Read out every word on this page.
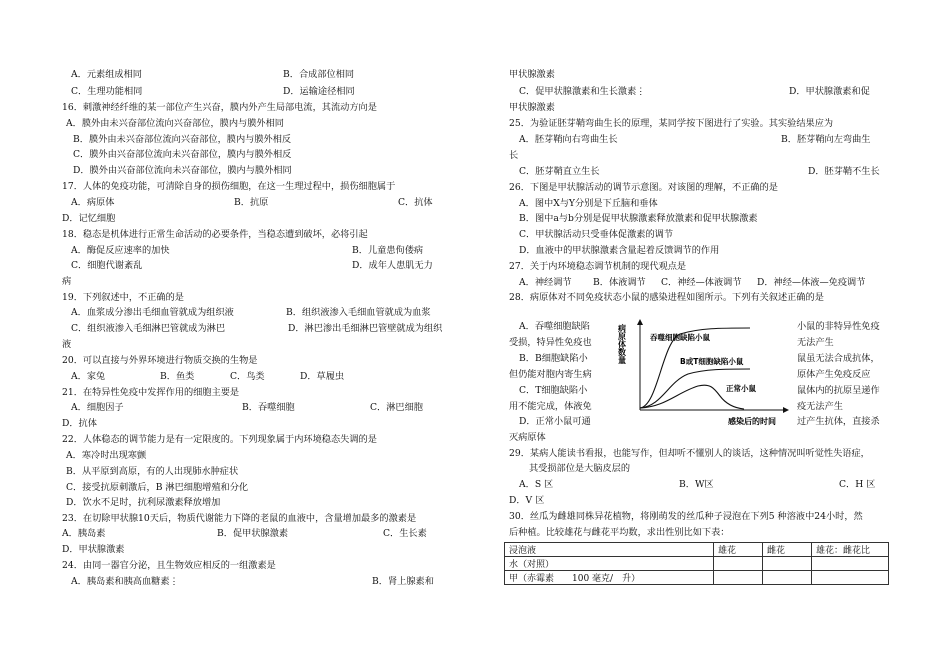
A．元素组成相同	B．合成部位相同
C．生理功能相同	D．运输途径相同
16．刺激神经纤维的某一部位产生兴奋，膜内外产生局部电流，其流动方向是
A．膜外由未兴奋部位流向兴奋部位，膜内与膜外相同
B．膜外由未兴奋部位流向兴奋部位，膜内与膜外相反
C．膜外由兴奋部位流向未兴奋部位，膜内与膜外相反
D．膜外由兴奋部位流向未兴奋部位，膜内与膜外相同
17．人体的免疫功能，可清除自身的损伤细胞，在这一生理过程中，损伤细胞属于
A．病原体	B．抗原	C．抗体
D．记忆细胞
18．稳态是机体进行正常生命活动的必要条件，当稳态遭到破坏，必将引起
A．酶促反应速率的加快	B．儿童患佝偻病
C．细胞代谢紊乱	D．成年人患肌无力
病
19．下列叙述中，不正确的是
A．血浆成分渗出毛细血管就成为组织液	B．组织液渗入毛细血管就成为血浆
C．组织液渗入毛细淋巴管就成为淋巴	D．淋巴渗出毛细淋巴管壁就成为组织
液
20．可以直接与外界环境进行物质交换的生物是
A．家兔	B．鱼类	C．鸟类	D．草履虫
21．在特异性免疫中发挥作用的细胞主要是
A．细胞因子	B．吞噬细胞	C．淋巴细胞
D．抗体
22．人体稳态的调节能力是有一定限度的。下列现象属于内环境稳态失调的是
A．寒冷时出现寒颤
B．从平原到高原，有的人出现肺水肿症状
C．接受抗原刺激后，B 淋巴细胞增殖和分化
D．饮水不足时，抗利尿激素释放增加
23．在切除甲状腺10天后，物质代谢能力下降的老鼠的血液中，含量增加最多的激素是
A．胰岛素	B．促甲状腺激素	C．生长素
D．甲状腺激素
24．由同一器官分泌，且生物效应相反的一组激素是
A．胰岛素和胰高血糖素⋮	B．肾上腺素和
甲状腺激素
C．促甲状腺激素和生长激素⋮	D．甲状腺激素和促
甲状腺激素
25．为验证胚芽鞘弯曲生长的原理，某同学按下图进行了实验。其实验结果应为
A．胚芽鞘向右弯曲生长	B．胚芽鞘向左弯曲生
长
C．胚芽鞘直立生长	D．胚芽鞘不生长
26．下图是甲状腺活动的调节示意图。对该图的理解，不正确的是
A．图中X与Y分别是下丘脑和垂体
B．图中a与b分别是促甲状腺激素释放激素和促甲状腺激素
C．甲状腺活动只受垂体促激素的调节
D．血液中的甲状腺激素含量起着反馈调节的作用
27．关于内环境稳态调节机制的现代观点是
A．神经调节 B．体液调节 C．神经—体液调节 D．神经—体液—免疫调节
28．病原体对不同免疫状态小鼠的感染进程如图所示。下列有关叙述正确的是
A．吞噬细胞缺陷
受损，特异性免疫也
B．B细胞缺陷小
但仍能对胞内寄生病
C．T细胞缺陷小
用不能完成，体液免
D．正常小鼠可通
灭病原体
小鼠的非特异性免疫
无法产生
鼠虽无法合成抗体，
原体产生免疫反应
鼠体内的抗原呈递作
疫无法产生
过产生抗体，直接杀
29．某病人能读书看报，也能写作，但却听不懂别人的谈话，这种情况叫听觉性失语症，
其受损部位是大脑皮层的
A．S 区	B．W区	C．H 区
D．V 区
30．丝瓜为雌雄同株异花植物，将刚萌发的丝瓜种子浸泡在下列5 种溶液中24小时，然
后种植。比较雄花与雌花平均数，求出性别比如下表：
病原体数量
感染后的时间
吞噬细胞缺陷小鼠
B或T细胞缺陷小鼠
正常小鼠
浸泡液	雄花	雌花	雄花：雌花比
水（对照）			
甲（赤霉素　　100 毫克/　升）			
